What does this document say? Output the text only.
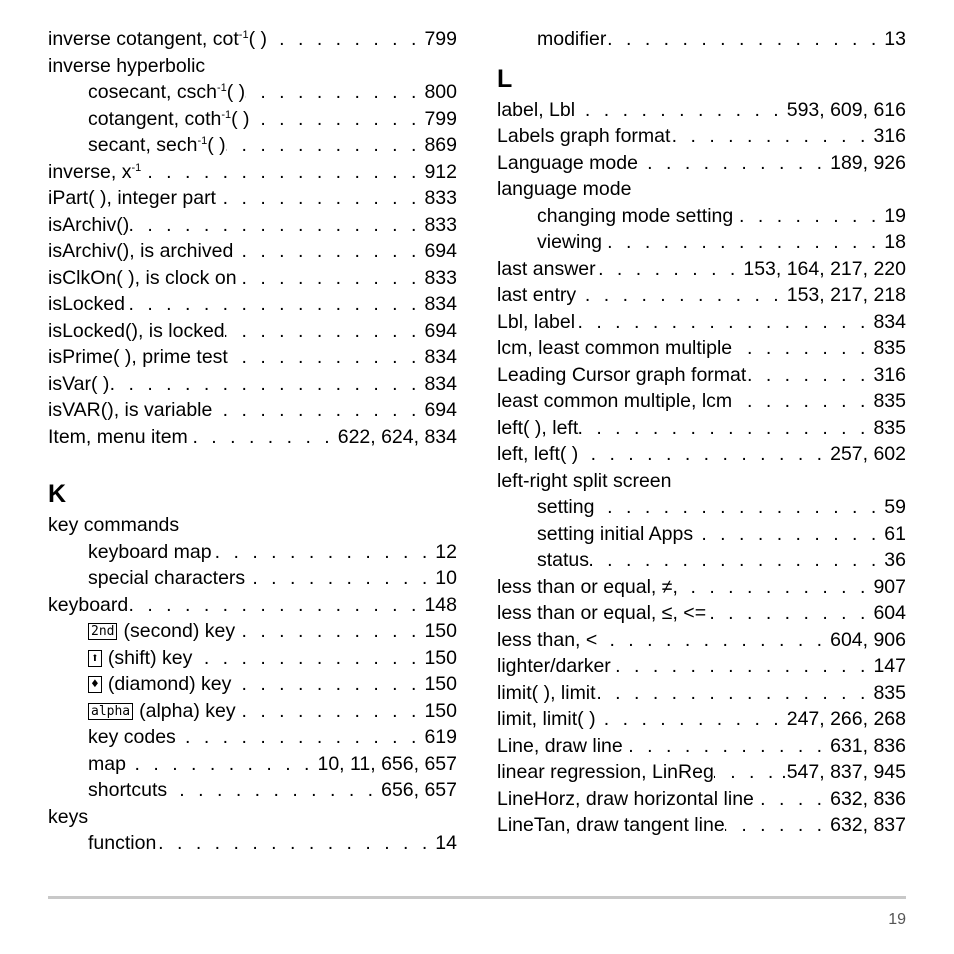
inverse cotangent, $\cot^{-1}$( ) . . .	799
inverse hyperbolic
cosecant, csch$^{-1}$( ) . . .	800
cotangent, coth$^{-1}$( ) . . .	799
secant, sech$^{-1}$( ) . . .	869
inverse, $x^{-1}$ . . .	912
iPart( ), integer part . . .	833
isArchiv() . . .	833
isArchiv(), is archived . . .	694
isClkOn( ), is clock on . . .	833
isLocked . . .	834
isLocked(), is locked . . .	694
isPrime( ), prime test . . .	834
isVar( ) . . .	834
isVAR(), is variable . . .	694
Item, menu item . . .	622, 624, 834
K
key commands
keyboard map . . .	12
special characters . . .	10
keyboard . . .	148
2nd (second) key . . .	150
⬆ (shift) key . . .	150
♦ (diamond) key . . .	150
alpha (alpha) key . . .	150
key codes . . .	619
map . . .	10, 11, 656, 657
shortcuts . . .	656, 657
keys
function . . .	14
modifier . . .	13
L
label, Lbl . . .	593, 609, 616
Labels graph format . . .	316
Language mode . . .	189, 926
language mode
changing mode setting . . .	19
viewing . . .	18
last answer . . .	153, 164, 217, 220
last entry . . .	153, 217, 218
Lbl, label . . .	834
lcm, least common multiple . . .	835
Leading Cursor graph format . . .	316
least common multiple, lcm . . .	835
left( ), left . . .	835
left, left( ) . . .	257, 602
left-right split screen
setting . . .	59
setting initial Apps . . .	61
status . . .	36
less than or equal, ≠, . . .	907
less than or equal, ≤, <= . . .	604
less than, < . . .	604, 906
lighter/darker . . .	147
limit( ), limit . . .	835
limit, limit( ) . . .	247, 266, 268
Line, draw line . . .	631, 836
linear regression, LinReg . . .	.547, 837, 945
LineHorz, draw horizontal line . . .	632, 836
LineTan, draw tangent line . . .	632, 837
19
